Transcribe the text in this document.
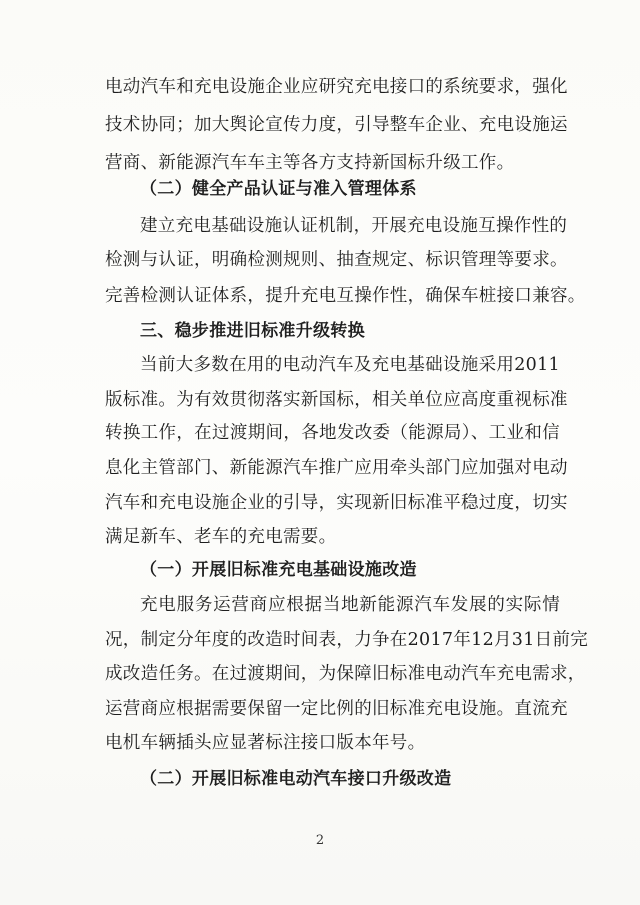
电动汽车和充电设施企业应研究充电接口的系统要求，强化
技术协同；加大舆论宣传力度，引导整车企业、充电设施运
营商、新能源汽车车主等各方支持新国标升级工作。
（二）健全产品认证与准入管理体系
建立充电基础设施认证机制，开展充电设施互操作性的
检测与认证，明确检测规则、抽查规定、标识管理等要求。
完善检测认证体系，提升充电互操作性，确保车桩接口兼容。
三、稳步推进旧标准升级转换
当前大多数在用的电动汽车及充电基础设施采用2011
版标准。为有效贯彻落实新国标，相关单位应高度重视标准
转换工作，在过渡期间，各地发改委（能源局）、工业和信
息化主管部门、新能源汽车推广应用牵头部门应加强对电动
汽车和充电设施企业的引导，实现新旧标准平稳过度，切实
满足新车、老车的充电需要。
（一）开展旧标准充电基础设施改造
充电服务运营商应根据当地新能源汽车发展的实际情
况，制定分年度的改造时间表，力争在2017年12月31日前完
成改造任务。在过渡期间，为保障旧标准电动汽车充电需求，
运营商应根据需要保留一定比例的旧标准充电设施。直流充
电机车辆插头应显著标注接口版本年号。
（二）开展旧标准电动汽车接口升级改造
2
